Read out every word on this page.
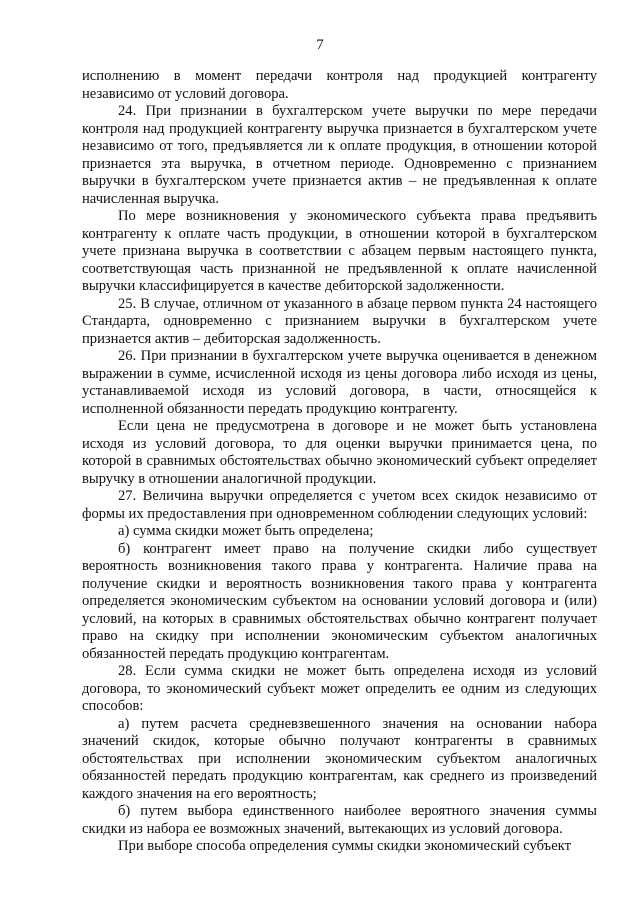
7

исполнению в момент передачи контроля над продукцией контрагенту независимо от условий договора.

24. При признании в бухгалтерском учете выручки по мере передачи контроля над продукцией контрагенту выручка признается в бухгалтерском учете независимо от того, предъявляется ли к оплате продукция, в отношении которой признается эта выручка, в отчетном периоде. Одновременно с признанием выручки в бухгалтерском учете признается актив – не предъявленная к оплате начисленная выручка.

По мере возникновения у экономического субъекта права предъявить контрагенту к оплате часть продукции, в отношении которой в бухгалтерском учете признана выручка в соответствии с абзацем первым настоящего пункта, соответствующая часть признанной не предъявленной к оплате начисленной выручки классифицируется в качестве дебиторской задолженности.

25. В случае, отличном от указанного в абзаце первом пункта 24 настоящего Стандарта, одновременно с признанием выручки в бухгалтерском учете признается актив – дебиторская задолженность.

26. При признании в бухгалтерском учете выручка оценивается в денежном выражении в сумме, исчисленной исходя из цены договора либо исходя из цены, устанавливаемой исходя из условий договора, в части, относящейся к исполненной обязанности передать продукцию контрагенту.

Если цена не предусмотрена в договоре и не может быть установлена исходя из условий договора, то для оценки выручки принимается цена, по которой в сравнимых обстоятельствах обычно экономический субъект определяет выручку в отношении аналогичной продукции.

27. Величина выручки определяется с учетом всех скидок независимо от формы их предоставления при одновременном соблюдении следующих условий:

а) сумма скидки может быть определена;

б) контрагент имеет право на получение скидки либо существует вероятность возникновения такого права у контрагента. Наличие права на получение скидки и вероятность возникновения такого права у контрагента определяется экономическим субъектом на основании условий договора и (или) условий, на которых в сравнимых обстоятельствах обычно контрагент получает право на скидку при исполнении экономическим субъектом аналогичных обязанностей передать продукцию контрагентам.

28. Если сумма скидки не может быть определена исходя из условий договора, то экономический субъект может определить ее одним из следующих способов:

а) путем расчета средневзвешенного значения на основании набора значений скидок, которые обычно получают контрагенты в сравнимых обстоятельствах при исполнении экономическим субъектом аналогичных обязанностей передать продукцию контрагентам, как среднего из произведений каждого значения на его вероятность;

б) путем выбора единственного наиболее вероятного значения суммы скидки из набора ее возможных значений, вытекающих из условий договора.

При выборе способа определения суммы скидки экономический субъект
